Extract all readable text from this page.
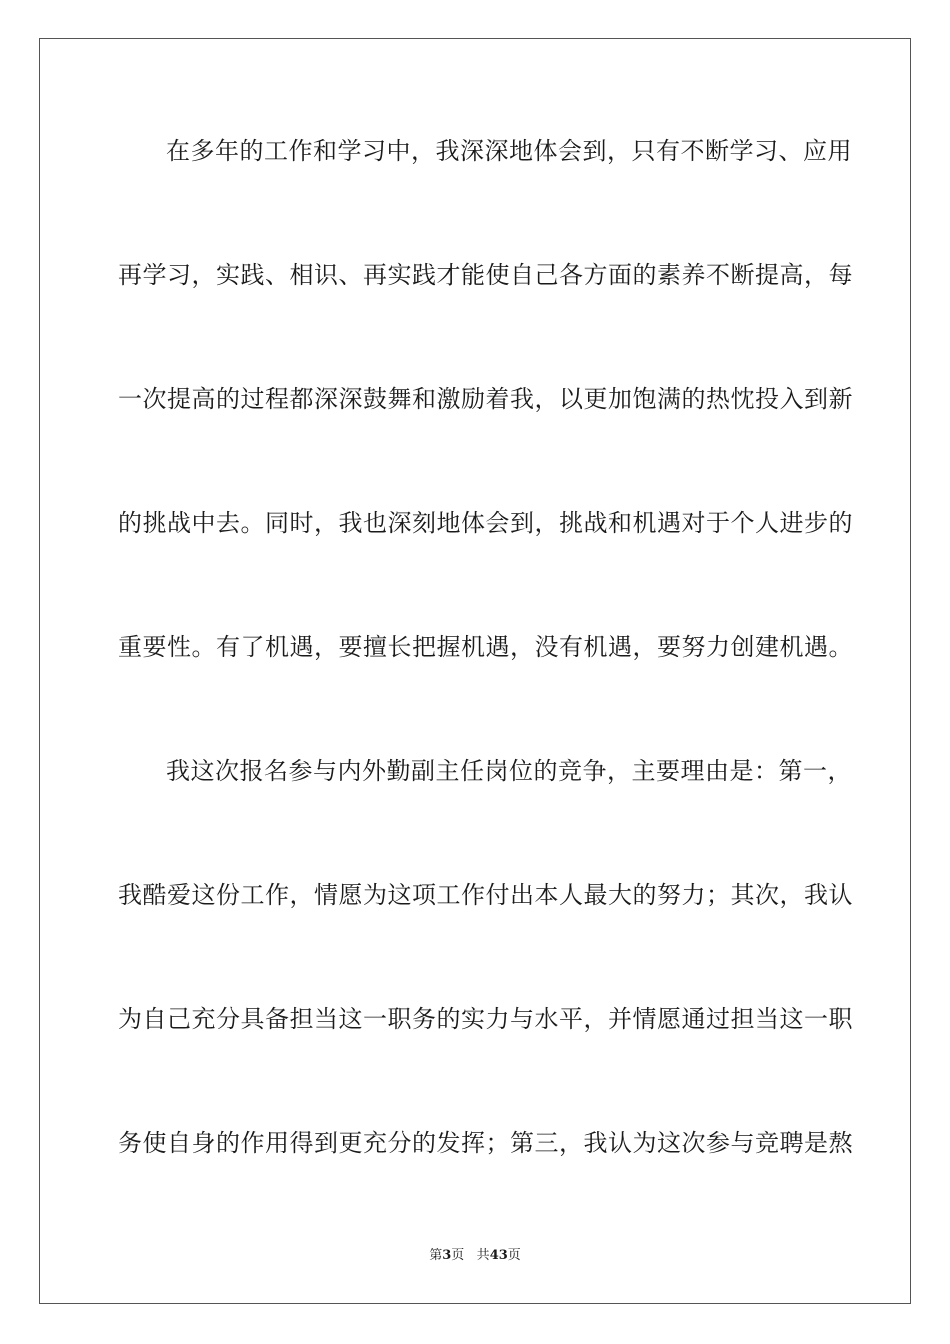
在多年的工作和学习中，我深深地体会到，只有不断学习、应用
再学习，实践、相识、再实践才能使自己各方面的素养不断提高，每
一次提高的过程都深深鼓舞和激励着我，以更加饱满的热忱投入到新
的挑战中去。同时，我也深刻地体会到，挑战和机遇对于个人进步的
重要性。有了机遇，要擅长把握机遇，没有机遇，要努力创建机遇。
我这次报名参与内外勤副主任岗位的竞争，主要理由是：第一，
我酷爱这份工作，情愿为这项工作付出本人最大的努力；其次，我认
为自己充分具备担当这一职务的实力与水平，并情愿通过担当这一职
务使自身的作用得到更充分的发挥；第三，我认为这次参与竞聘是熬
第3页 共43页
